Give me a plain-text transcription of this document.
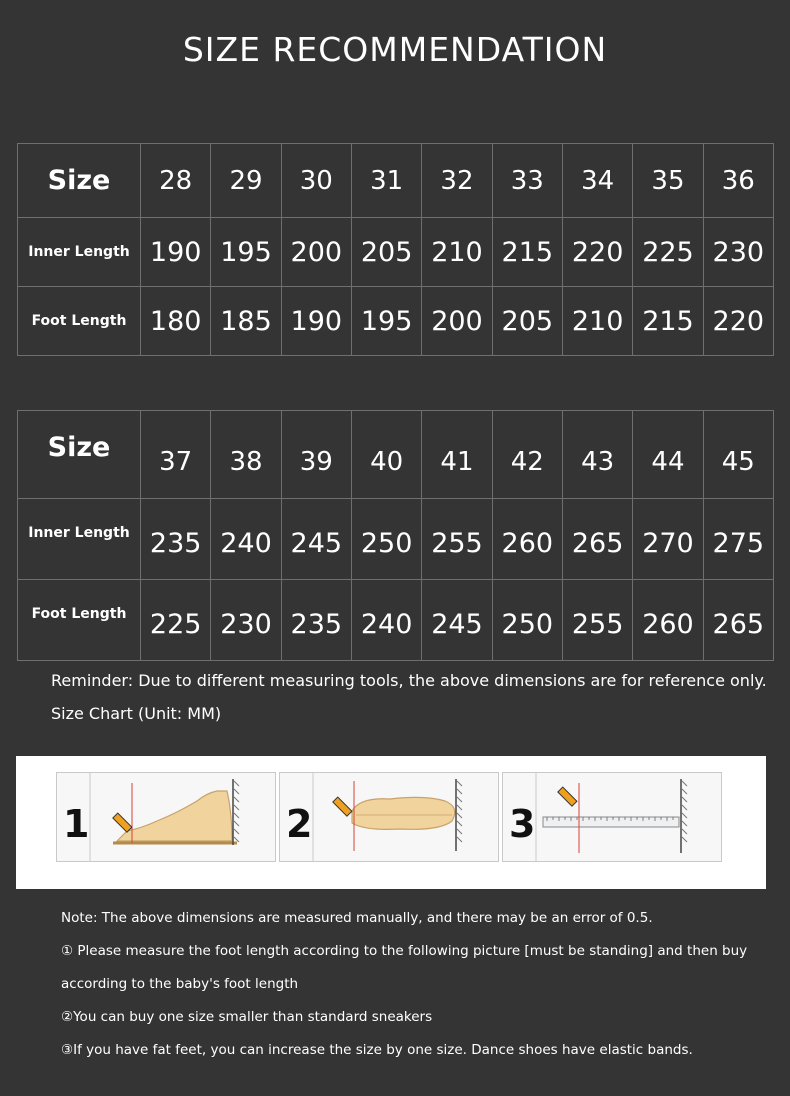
SIZE RECOMMENDATION
Size	28	29	30	31	32	33	34	35	36
Inner Length	190	195	200	205	210	215	220	225	230
Foot Length	180	185	190	195	200	205	210	215	220
Size	37	38	39	40	41	42	43	44	45
Inner Length	235	240	245	250	255	260	265	270	275
Foot Length	225	230	235	240	245	250	255	260	265
Reminder: Due to different measuring tools, the above dimensions are for reference only.
Size Chart (Unit: MM)
1	2	3
Note: The above dimensions are measured manually, and there may be an error of 0.5.
① Please measure the foot length according to the following picture [must be standing] and then buy
according to the baby's foot length
②You can buy one size smaller than standard sneakers
③If you have fat feet, you can increase the size by one size. Dance shoes have elastic bands.
